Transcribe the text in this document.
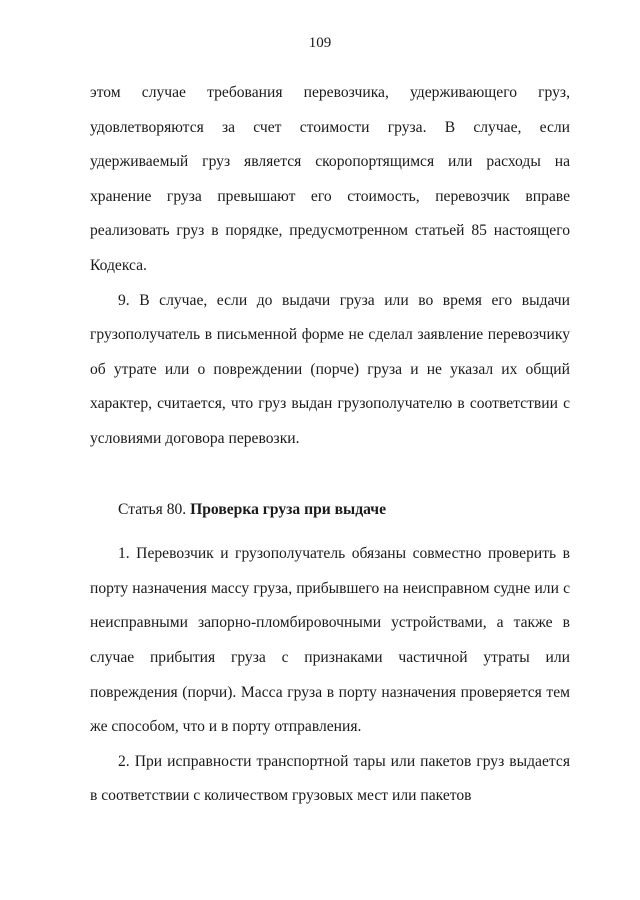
109

этом случае требования перевозчика, удерживающего груз, удовлетворяются за счет стоимости груза. В случае, если удерживаемый груз является скоропортящимся или расходы на хранение груза превышают его стоимость, перевозчик вправе реализовать груз в порядке, предусмотренном статьей 85 настоящего Кодекса.

9. В случае, если до выдачи груза или во время его выдачи грузополучатель в письменной форме не сделал заявление перевозчику об утрате или о повреждении (порче) груза и не указал их общий характер, считается, что груз выдан грузополучателю в соответствии с условиями договора перевозки.

Статья 80. Проверка груза при выдаче

1. Перевозчик и грузополучатель обязаны совместно проверить в порту назначения массу груза, прибывшего на неисправном судне или с неисправными запорно-пломбировочными устройствами, а также в случае прибытия груза с признаками частичной утраты или повреждения (порчи). Масса груза в порту назначения проверяется тем же способом, что и в порту отправления.

2. При исправности транспортной тары или пакетов груз выдается в соответствии с количеством грузовых мест или пакетов
